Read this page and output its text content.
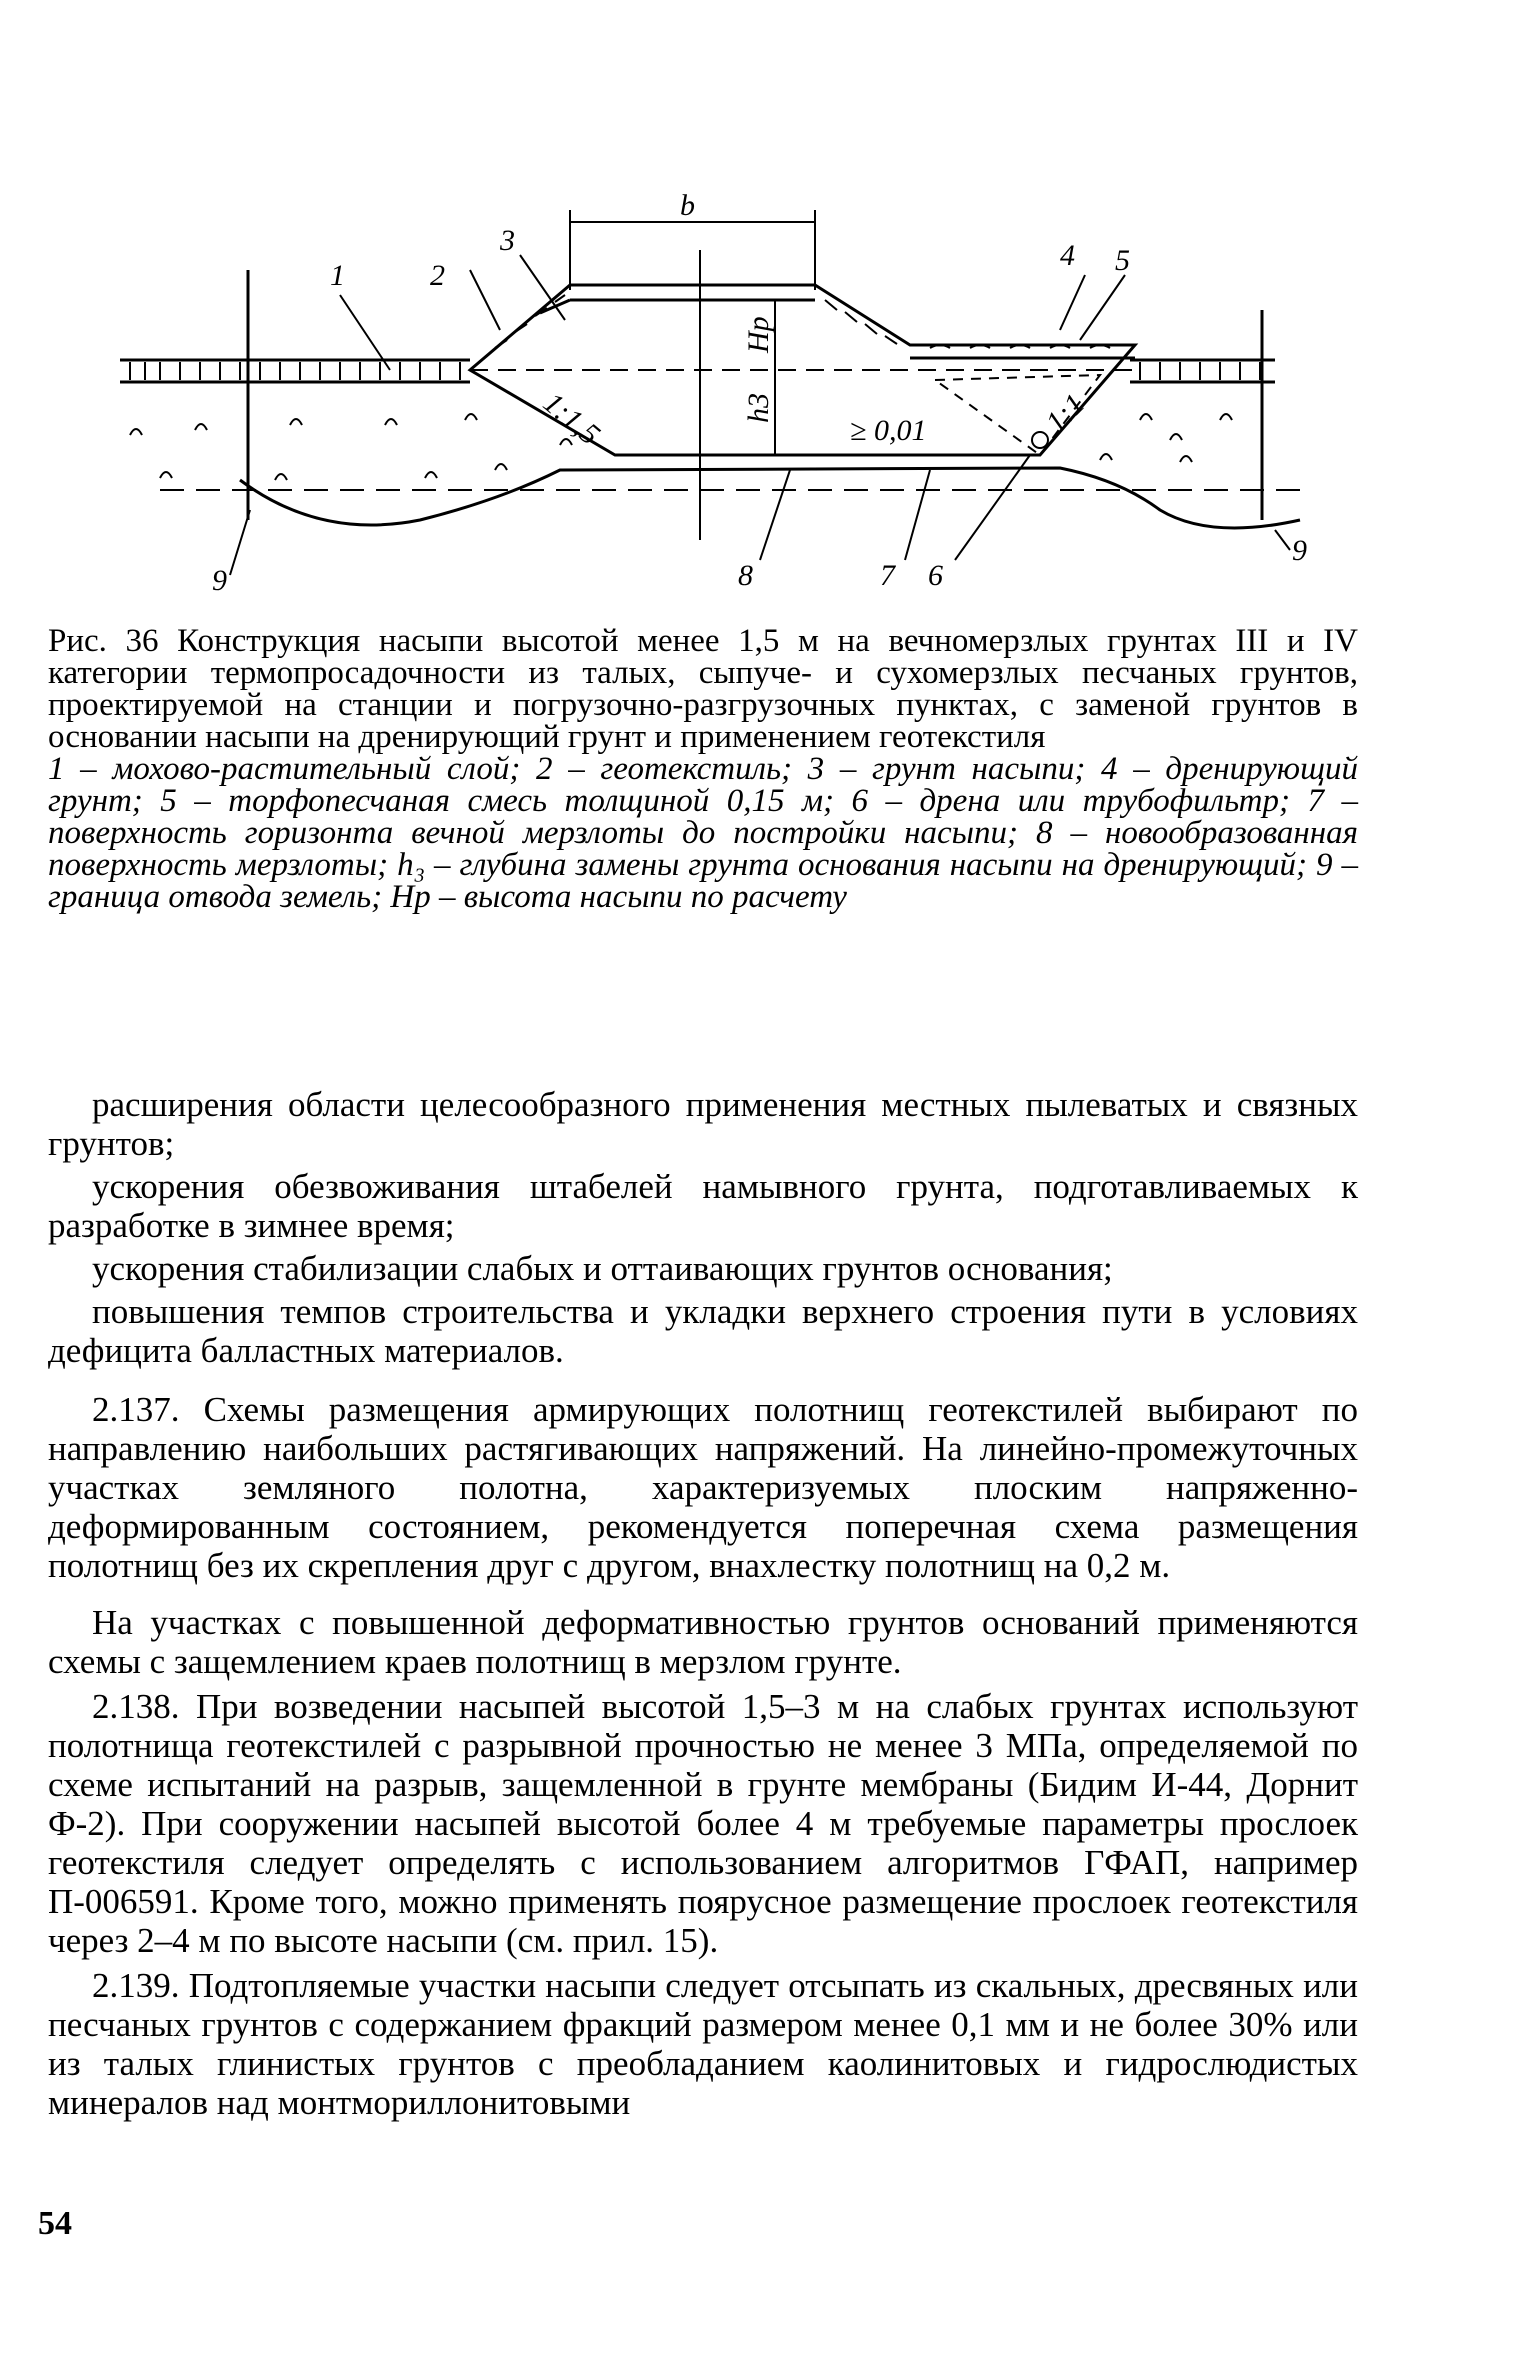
b
1	2
3	4 5
Hp
h3
1:1,5	1:1
≥ 0,01
8	7 6
9
9

Рис. 36 Конструкция насыпи высотой менее 1,5 м на вечномерзлых грунтах III и IV категории термопросадочности из талых, сыпуче- и сухомерзлых песчаных грунтов, проектируемой на станции и погрузочно-разгрузочных пунктах, с заменой грунтов в основании насыпи на дренирующий грунт и применением геотекстиля

1 – мохово-растительный слой; 2 – геотекстиль; 3 – грунт насыпи; 4 – дренирующий грунт; 5 – торфопесчаная смесь толщиной 0,15 м; 6 – дрена или трубофильтр; 7 – поверхность горизонта вечной мерзлоты до постройки насыпи; 8 – новообразованная поверхность мерзлоты; h₃ – глубина замены грунта основания насыпи на дренирующий; 9 – граница отвода земель; Hр – высота насыпи по расчету

расширения области целесообразного применения местных пылеватых и связных грунтов;

ускорения обезвоживания штабелей намывного грунта, подготавливаемых к разработке в зимнее время;

ускорения стабилизации слабых и оттаивающих грунтов основания;

повышения темпов строительства и укладки верхнего строения пути в условиях дефицита балластных материалов.

2.137. Схемы размещения армирующих полотнищ геотекстилей выбирают по направлению наибольших растягивающих напряжений. На линейно-промежуточных участках земляного полотна, характеризуемых плоским напряженно-деформированным состоянием, рекомендуется поперечная схема размещения полотнищ без их скрепления друг с другом, внахлестку полотнищ на 0,2 м.

На участках с повышенной деформативностью грунтов оснований применяются схемы с защемлением краев полотнищ в мерзлом грунте.

2.138. При возведении насыпей высотой 1,5–3 м на слабых грунтах используют полотнища геотекстилей с разрывной прочностью не менее 3 МПа, определяемой по схеме испытаний на разрыв, защемленной в грунте мембраны (Бидим И-44, Дорнит Ф-2). При сооружении насыпей высотой более 4 м требуемые параметры прослоек геотекстиля следует определять с использованием алгоритмов ГФАП, например П-006591. Кроме того, можно применять поярусное размещение прослоек геотекстиля через 2–4 м по высоте насыпи (см. прил. 15).

2.139. Подтопляемые участки насыпи следует отсыпать из скальных, дресвяных или песчаных грунтов с содержанием фракций размером менее 0,1 мм и не более 30% или из талых глинистых грунтов с преобладанием каолинитовых и гидрослюдистых минералов над монтмориллонитовыми

54
